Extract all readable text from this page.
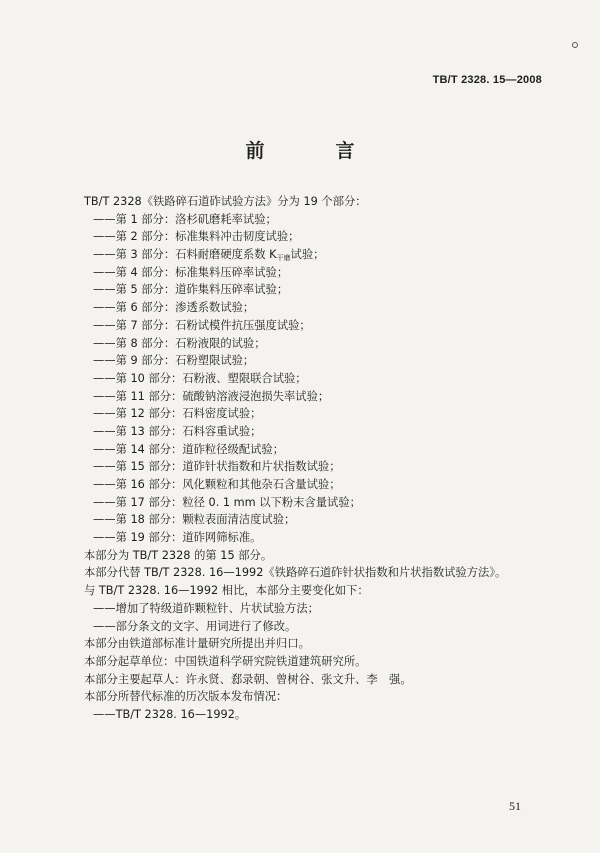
TB/T 2328. 15—2008
前　言
TB/T 2328《铁路碎石道砟试验方法》分为 19 个部分：
——第 1 部分：洛杉矶磨耗率试验；
——第 2 部分：标准集料冲击韧度试验；
——第 3 部分：石料耐磨硬度系数 K干磨试验；
——第 4 部分：标准集料压碎率试验；
——第 5 部分：道砟集料压碎率试验；
——第 6 部分：渗透系数试验；
——第 7 部分：石粉试模件抗压强度试验；
——第 8 部分：石粉液限的试验；
——第 9 部分：石粉塑限试验；
——第 10 部分：石粉液、塑限联合试验；
——第 11 部分：硫酸钠溶液浸泡损失率试验；
——第 12 部分：石料密度试验；
——第 13 部分：石料容重试验；
——第 14 部分：道砟粒径级配试验；
——第 15 部分：道砟针状指数和片状指数试验；
——第 16 部分：风化颗粒和其他杂石含量试验；
——第 17 部分：粒径 0. 1 mm 以下粉末含量试验；
——第 18 部分：颗粒表面清洁度试验；
——第 19 部分：道砟网筛标准。
本部分为 TB/T 2328 的第 15 部分。
本部分代替 TB/T 2328. 16—1992《铁路碎石道砟针状指数和片状指数试验方法》。
与 TB/T 2328. 16—1992 相比，本部分主要变化如下：
——增加了特级道砟颗粒针、片状试验方法；
——部分条文的文字、用词进行了修改。
本部分由铁道部标准计量研究所提出并归口。
本部分起草单位：中国铁道科学研究院铁道建筑研究所。
本部分主要起草人：许永贤、郄录朝、曾树谷、张文升、李　强。
本部分所替代标准的历次版本发布情况：
——TB/T 2328. 16—1992。
51
